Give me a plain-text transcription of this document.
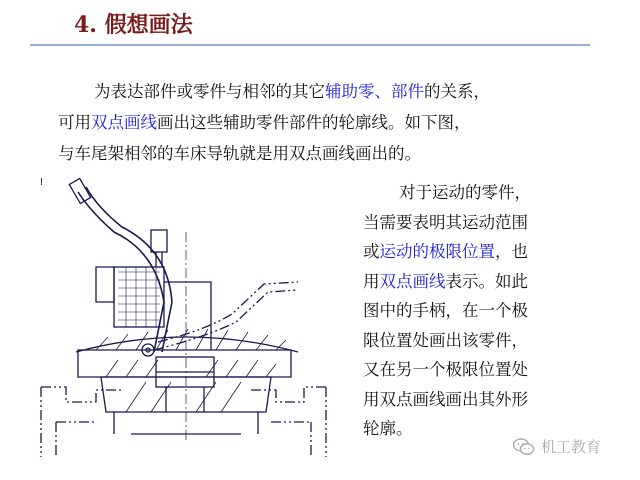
4. 假想画法
为表达部件或零件与相邻的其它辅助零、部件的关系，
可用双点画线画出这些辅助零件部件的轮廓线。如下图，
与车尾架相邻的车床导轨就是用双点画线画出的。
I
对于运动的零件，
当需要表明其运动范围
或运动的极限位置，也
用双点画线表示。如此
图中的手柄，在一个极
限位置处画出该零件，
又在另一个极限位置处
用双点画线画出其外形
轮廓。
机工教育
